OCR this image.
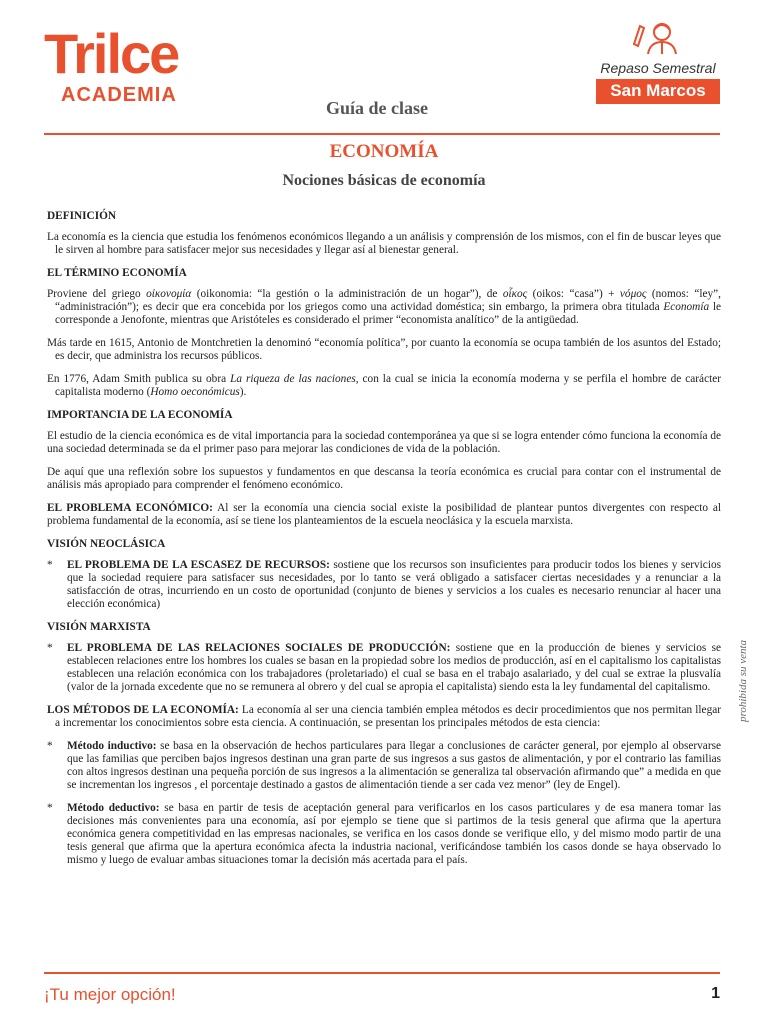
Trilce
ACADEMIA
Guía de clase
Repaso Semestral
San Marcos
ECONOMÍA
Nociones básicas de economía
DEFINICIÓN

La economía es la ciencia que estudia los fenómenos económicos llegando a un análisis y comprensión de los mismos, con el fin de buscar leyes que le sirven al hombre para satisfacer mejor sus necesidades y llegar así al bienestar general.

EL TÉRMINO ECONOMÍA

Proviene del griego οἰκονομία (oikonomia: “la gestión o la administración de un hogar”), de οἶκος (oikos: “casa”) + νόμος (nomos: “ley”, “administración”); es decir que era concebida por los griegos como una actividad doméstica; sin embargo, la primera obra titulada Economía le corresponde a Jenofonte, mientras que Aristóteles es considerado el primer “economista analítico” de la antigüedad.

Más tarde en 1615, Antonio de Montchretien la denominó “economía política”, por cuanto la economía se ocupa también de los asuntos del Estado; es decir, que administra los recursos públicos.

En 1776, Adam Smith publica su obra La riqueza de las naciones, con la cual se inicia la economía moderna y se perfila el hombre de carácter capitalista moderno (Homo oeconómicus).

IMPORTANCIA DE LA ECONOMÍA

El estudio de la ciencia económica es de vital importancia para la sociedad contemporánea ya que si se logra entender cómo funciona la economía de una sociedad determinada se da el primer paso para mejorar las condiciones de vida de la población.

De aquí que una reflexión sobre los supuestos y fundamentos en que descansa la teoría económica es crucial para contar con el instrumental de análisis más apropiado para comprender el fenómeno económico.

EL PROBLEMA ECONÓMICO: Al ser la economía una ciencia social existe la posibilidad de plantear puntos divergentes con respecto al problema fundamental de la economía, así se tiene los planteamientos de la escuela neoclásica y la escuela marxista.

VISIÓN NEOCLÁSICA
*	EL PROBLEMA DE LA ESCASEZ DE RECURSOS: sostiene que los recursos son insuficientes para producir todos los bienes y servicios que la sociedad requiere para satisfacer sus necesidades, por lo tanto se verá obligado a satisfacer ciertas necesidades y a renunciar a la satisfacción de otras, incurriendo en un costo de oportunidad (conjunto de bienes y servicios a los cuales es necesario renunciar al hacer una elección económica)
VISIÓN MARXISTA
*	EL PROBLEMA DE LAS RELACIONES SOCIALES DE PRODUCCIÓN: sostiene que en la producción de bienes y servicios se establecen relaciones entre los hombres los cuales se basan en la propiedad sobre los medios de producción, así en el capitalismo los capitalistas establecen una relación económica con los trabajadores (proletariado) el cual se basa en el trabajo asalariado, y del cual se extrae la plusvalía (valor de la jornada excedente que no se remunera al obrero y del cual se apropia el capitalista) siendo esta la ley fundamental del capitalismo.

LOS MÉTODOS DE LA ECONOMÍA: La economía al ser una ciencia también emplea métodos es decir procedimientos que nos permitan llegar a incrementar los conocimientos sobre esta ciencia. A continuación, se presentan los principales métodos de esta ciencia:

*	Método inductivo: se basa en la observación de hechos particulares para llegar a conclusiones de carácter general, por ejemplo al observarse que las familias que perciben bajos ingresos destinan una gran parte de sus ingresos a sus gastos de alimentación, y por el contrario las familias con altos ingresos destinan una pequeña porción de sus ingresos a la alimentación se generaliza tal observación afirmando que” a medida en que se incrementan los ingresos , el porcentaje destinado a gastos de alimentación tiende a ser cada vez menor” (ley de Engel).
*	Método deductivo: se basa en partir de tesis de aceptación general para verificarlos en los casos particulares y de esa manera tomar las decisiones más convenientes para una economía, así por ejemplo se tiene que si partimos de la tesis general que afirma que la apertura económica genera competitividad en las empresas nacionales, se verifica en los casos donde se verifique ello, y del mismo modo partir de una tesis general que afirma que la apertura económica afecta la industria nacional, verificándose también los casos donde se haya observado lo mismo y luego de evaluar ambas situaciones tomar la decisión más acertada para el país.
prohibida su venta
¡Tu mejor opción!	1
